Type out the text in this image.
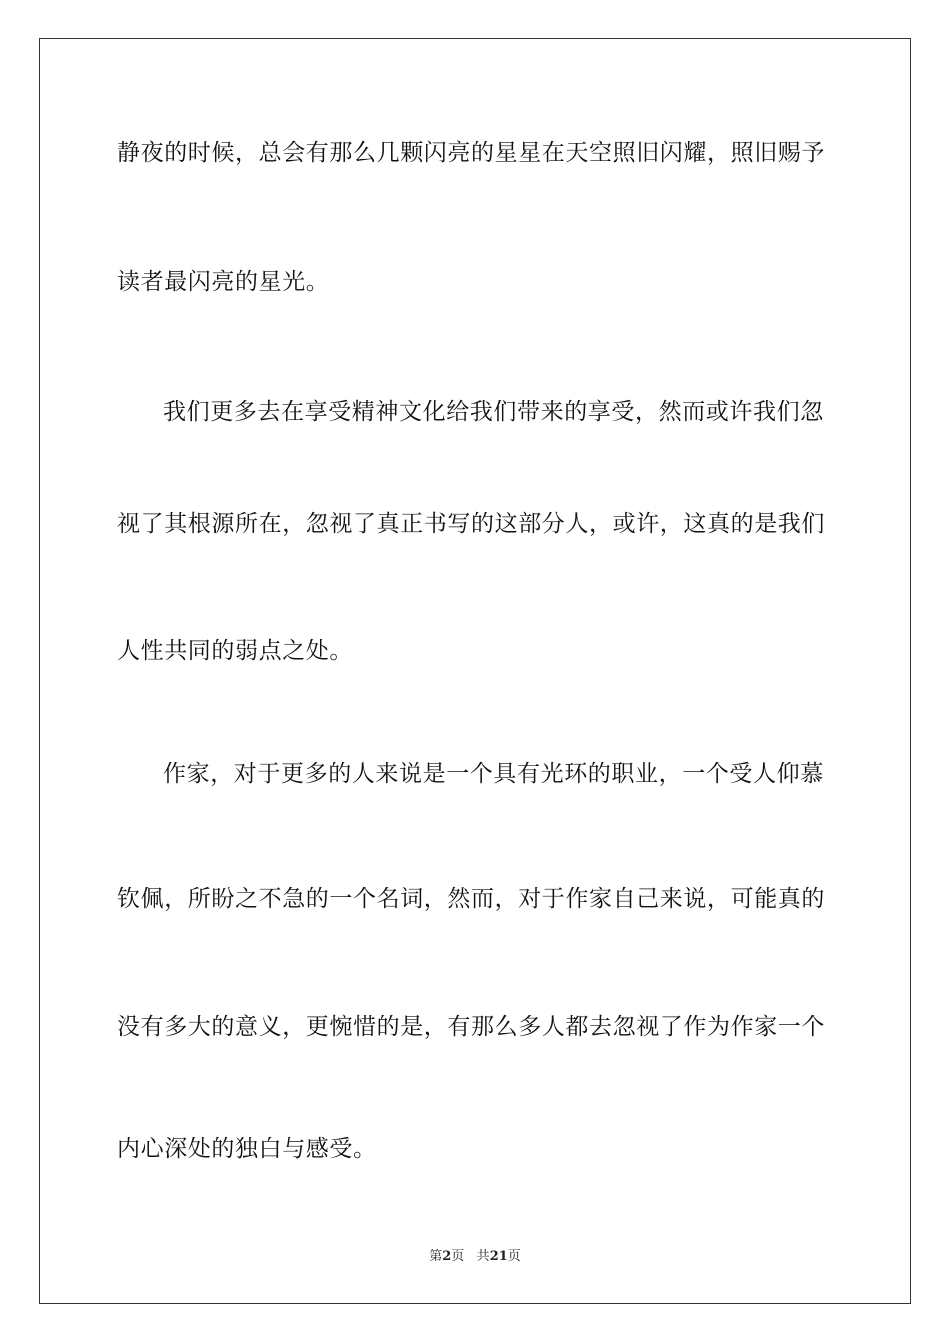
静夜的时候，总会有那么几颗闪亮的星星在天空照旧闪耀，照旧赐予
读者最闪亮的星光。
我们更多去在享受精神文化给我们带来的享受，然而或许我们忽
视了其根源所在，忽视了真正书写的这部分人，或许，这真的是我们
人性共同的弱点之处。
作家，对于更多的人来说是一个具有光环的职业，一个受人仰慕
钦佩，所盼之不急的一个名词，然而，对于作家自己来说，可能真的
没有多大的意义，更惋惜的是，有那么多人都去忽视了作为作家一个
内心深处的独白与感受。
第2页 共21页
